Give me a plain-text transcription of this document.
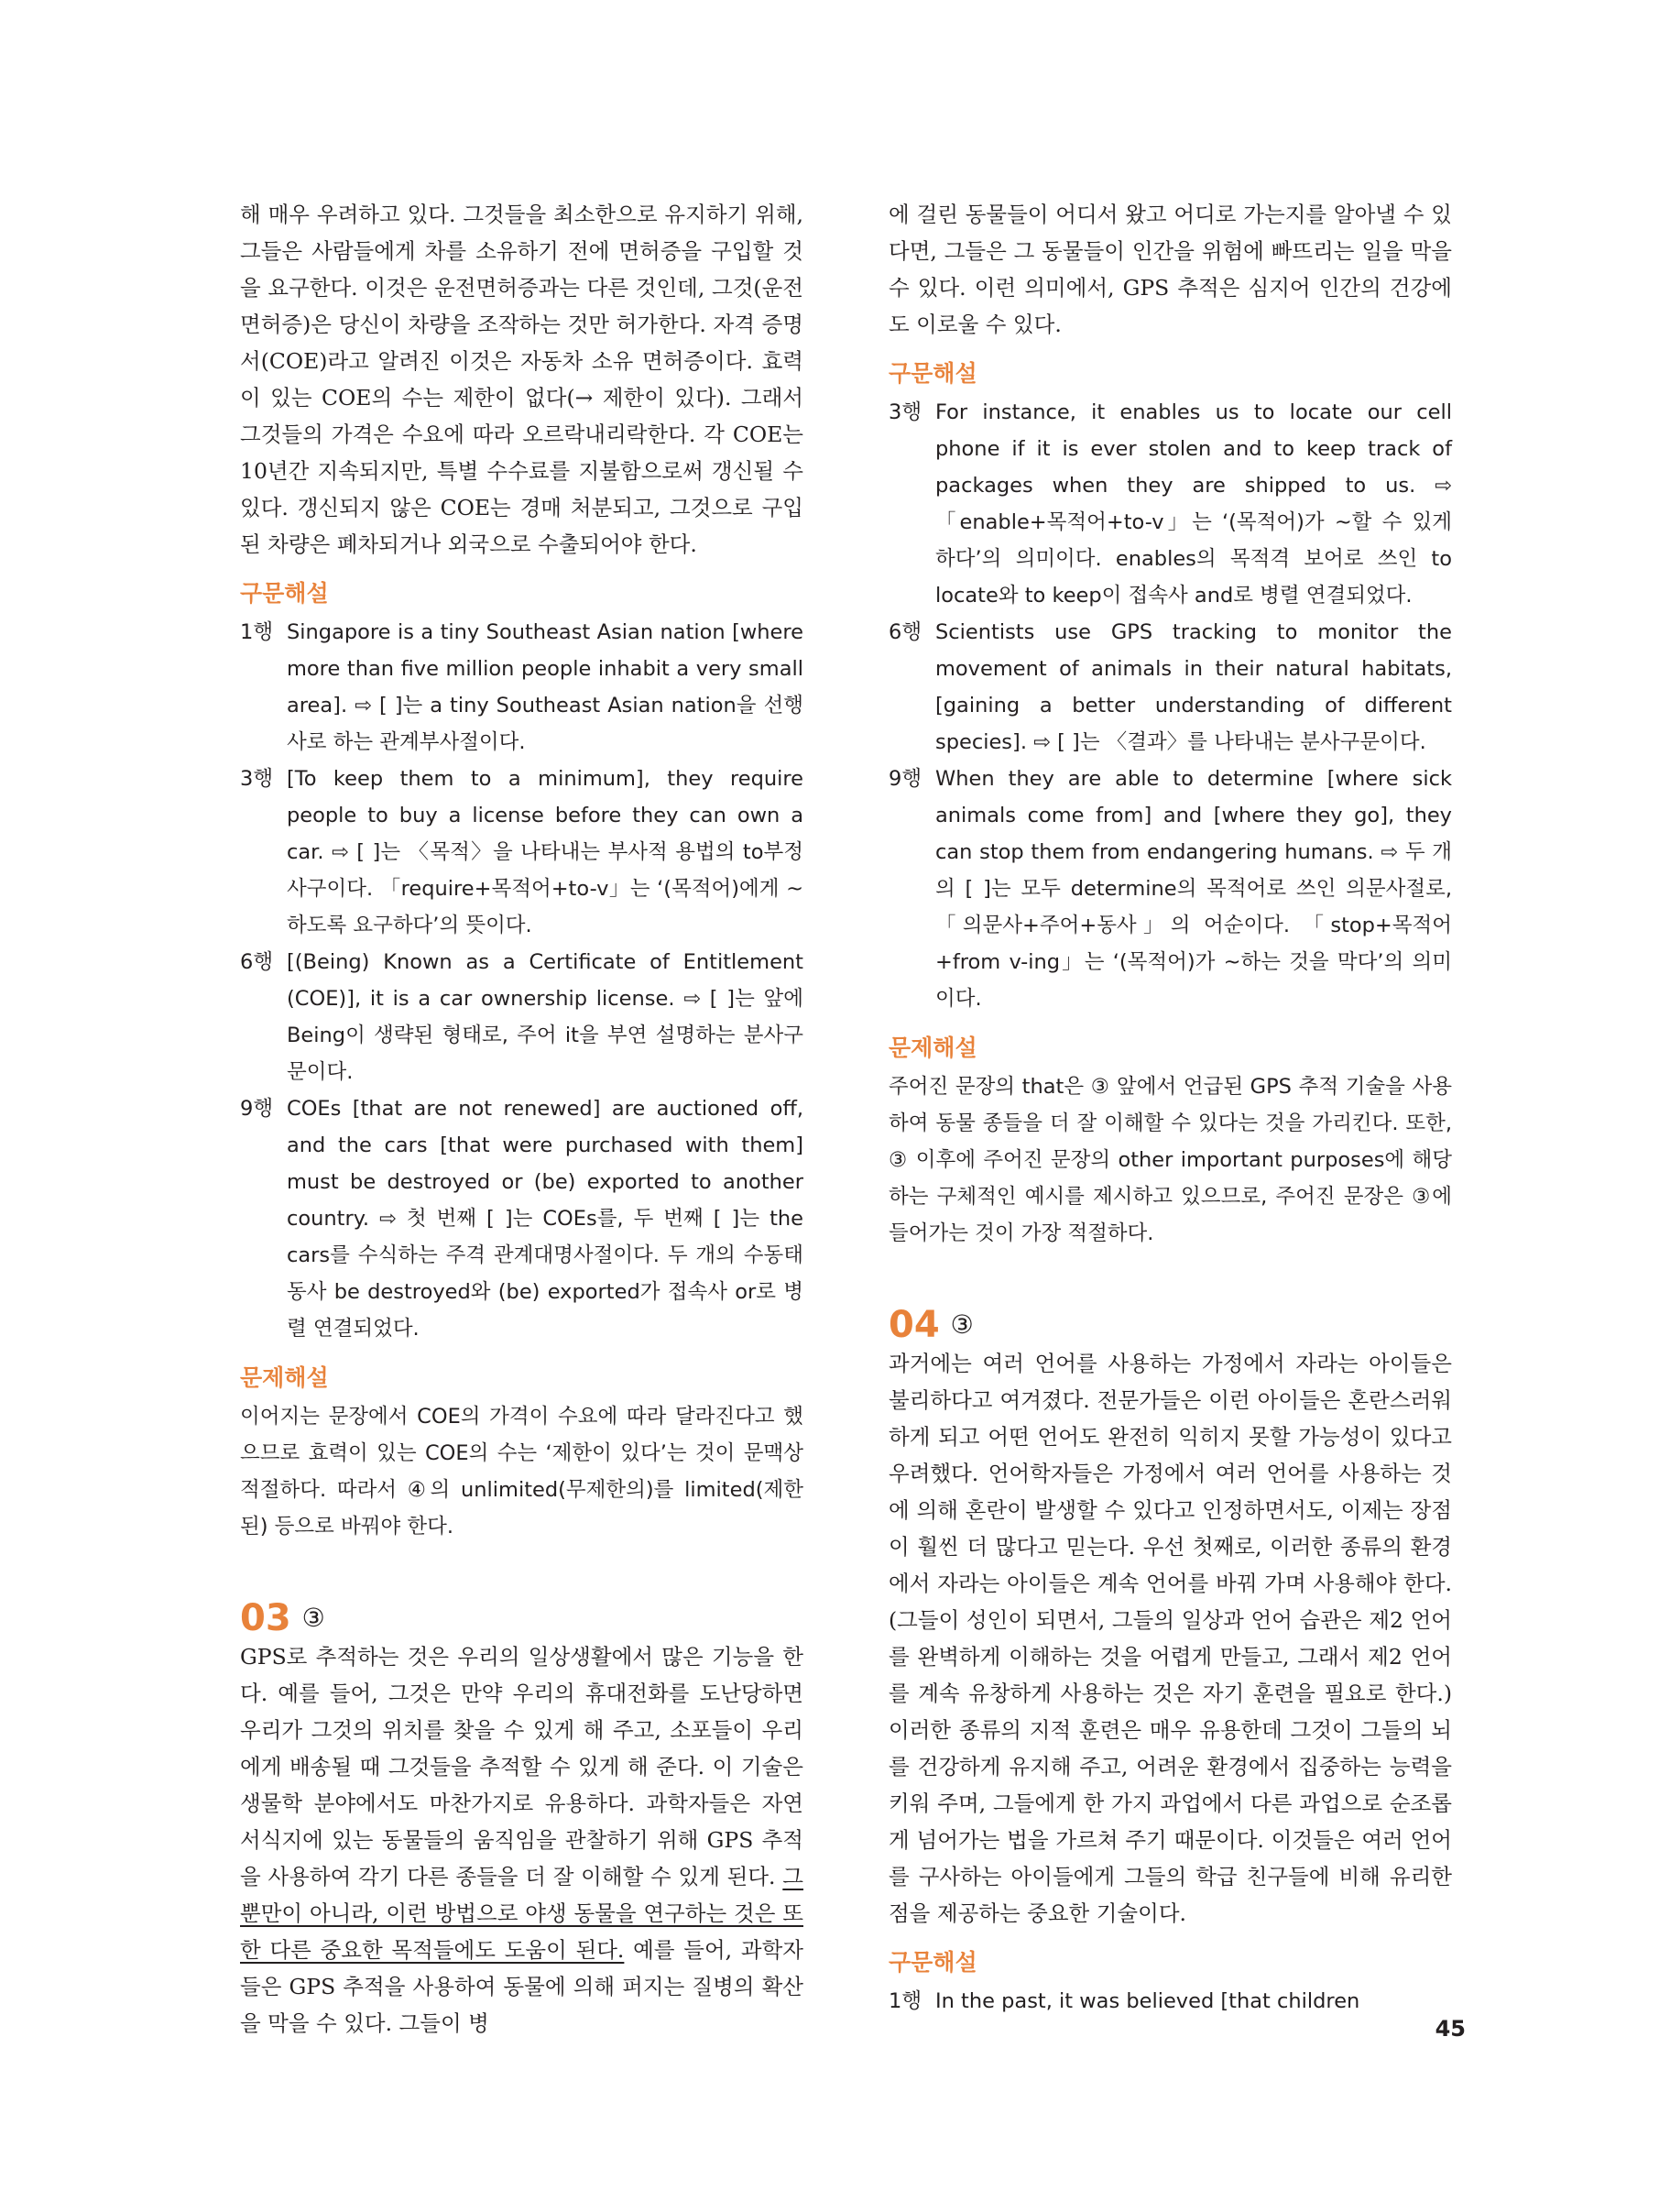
해 매우 우려하고 있다. 그것들을 최소한으로 유지하기 위해, 그들은 사람들에게 차를 소유하기 전에 면허증을 구입할 것을 요구한다. 이것은 운전면허증과는 다른 것인데, 그것(운전면허증)은 당신이 차량을 조작하는 것만 허가한다. 자격 증명서(COE)라고 알려진 이것은 자동차 소유 면허증이다. 효력이 있는 COE의 수는 제한이 없다(→ 제한이 있다). 그래서 그것들의 가격은 수요에 따라 오르락내리락한다. 각 COE는 10년간 지속되지만, 특별 수수료를 지불함으로써 갱신될 수 있다. 갱신되지 않은 COE는 경매 처분되고, 그것으로 구입된 차량은 폐차되거나 외국으로 수출되어야 한다.

구문해설
1행 Singapore is a tiny Southeast Asian nation [where more than five million people inhabit a very small area]. ⇨ [ ]는 a tiny Southeast Asian nation을 선행사로 하는 관계부사절이다.
3행 [To keep them to a minimum], they require people to buy a license before they can own a car. ⇨ [ ]는 〈목적〉을 나타내는 부사적 용법의 to부정사구이다. 「require+목적어+to-v」는 ‘(목적어)에게 ~하도록 요구하다’의 뜻이다.
6행 [(Being) Known as a Certificate of Entitlement (COE)], it is a car ownership license. ⇨ [ ]는 앞에 Being이 생략된 형태로, 주어 it을 부연 설명하는 분사구문이다.
9행 COEs [that are not renewed] are auctioned off, and the cars [that were purchased with them] must be destroyed or (be) exported to another country. ⇨ 첫 번째 [ ]는 COEs를, 두 번째 [ ]는 the cars를 수식하는 주격 관계대명사절이다. 두 개의 수동태 동사 be destroyed와 (be) exported가 접속사 or로 병렬 연결되었다.
문제해설

이어지는 문장에서 COE의 가격이 수요에 따라 달라진다고 했으므로 효력이 있는 COE의 수는 ‘제한이 있다’는 것이 문맥상 적절하다. 따라서 ④의 unlimited(무제한의)를 limited(제한된) 등으로 바꿔야 한다.

03 ③

GPS로 추적하는 것은 우리의 일상생활에서 많은 기능을 한다. 예를 들어, 그것은 만약 우리의 휴대전화를 도난당하면 우리가 그것의 위치를 찾을 수 있게 해 주고, 소포들이 우리에게 배송될 때 그것들을 추적할 수 있게 해 준다. 이 기술은 생물학 분야에서도 마찬가지로 유용하다. 과학자들은 자연 서식지에 있는 동물들의 움직임을 관찰하기 위해 GPS 추적을 사용하여 각기 다른 종들을 더 잘 이해할 수 있게 된다. 그뿐만이 아니라, 이런 방법으로 야생 동물을 연구하는 것은 또한 다른 중요한 목적들에도 도움이 된다. 예를 들어, 과학자들은 GPS 추적을 사용하여 동물에 의해 퍼지는 질병의 확산을 막을 수 있다. 그들이 병

에 걸린 동물들이 어디서 왔고 어디로 가는지를 알아낼 수 있다면, 그들은 그 동물들이 인간을 위험에 빠뜨리는 일을 막을 수 있다. 이런 의미에서, GPS 추적은 심지어 인간의 건강에도 이로울 수 있다.

구문해설
3행 For instance, it enables us to locate our cell phone if it is ever stolen and to keep track of packages when they are shipped to us. ⇨ 「enable+목적어+to-v」는 ‘(목적어)가 ~할 수 있게 하다’의 의미이다. enables의 목적격 보어로 쓰인 to locate와 to keep이 접속사 and로 병렬 연결되었다.
6행 Scientists use GPS tracking to monitor the movement of animals in their natural habitats, [gaining a better understanding of different species]. ⇨ [ ]는 〈결과〉를 나타내는 분사구문이다.
9행 When they are able to determine [where sick animals come from] and [where they go], they can stop them from endangering humans. ⇨ 두 개의 [ ]는 모두 determine의 목적어로 쓰인 의문사절로, 「의문사+주어+동사」의 어순이다. 「stop+목적어+from v-ing」는 ‘(목적어)가 ~하는 것을 막다’의 의미이다.
문제해설

주어진 문장의 that은 ③ 앞에서 언급된 GPS 추적 기술을 사용하여 동물 종들을 더 잘 이해할 수 있다는 것을 가리킨다. 또한, ③ 이후에 주어진 문장의 other important purposes에 해당하는 구체적인 예시를 제시하고 있으므로, 주어진 문장은 ③에 들어가는 것이 가장 적절하다.

04 ③

과거에는 여러 언어를 사용하는 가정에서 자라는 아이들은 불리하다고 여겨졌다. 전문가들은 이런 아이들은 혼란스러워 하게 되고 어떤 언어도 완전히 익히지 못할 가능성이 있다고 우려했다. 언어학자들은 가정에서 여러 언어를 사용하는 것에 의해 혼란이 발생할 수 있다고 인정하면서도, 이제는 장점이 훨씬 더 많다고 믿는다. 우선 첫째로, 이러한 종류의 환경에서 자라는 아이들은 계속 언어를 바꿔 가며 사용해야 한다. (그들이 성인이 되면서, 그들의 일상과 언어 습관은 제2 언어를 완벽하게 이해하는 것을 어렵게 만들고, 그래서 제2 언어를 계속 유창하게 사용하는 것은 자기 훈련을 필요로 한다.) 이러한 종류의 지적 훈련은 매우 유용한데 그것이 그들의 뇌를 건강하게 유지해 주고, 어려운 환경에서 집중하는 능력을 키워 주며, 그들에게 한 가지 과업에서 다른 과업으로 순조롭게 넘어가는 법을 가르쳐 주기 때문이다. 이것들은 여러 언어를 구사하는 아이들에게 그들의 학급 친구들에 비해 유리한 점을 제공하는 중요한 기술이다.

구문해설
1행 In the past, it was believed [that children
45
